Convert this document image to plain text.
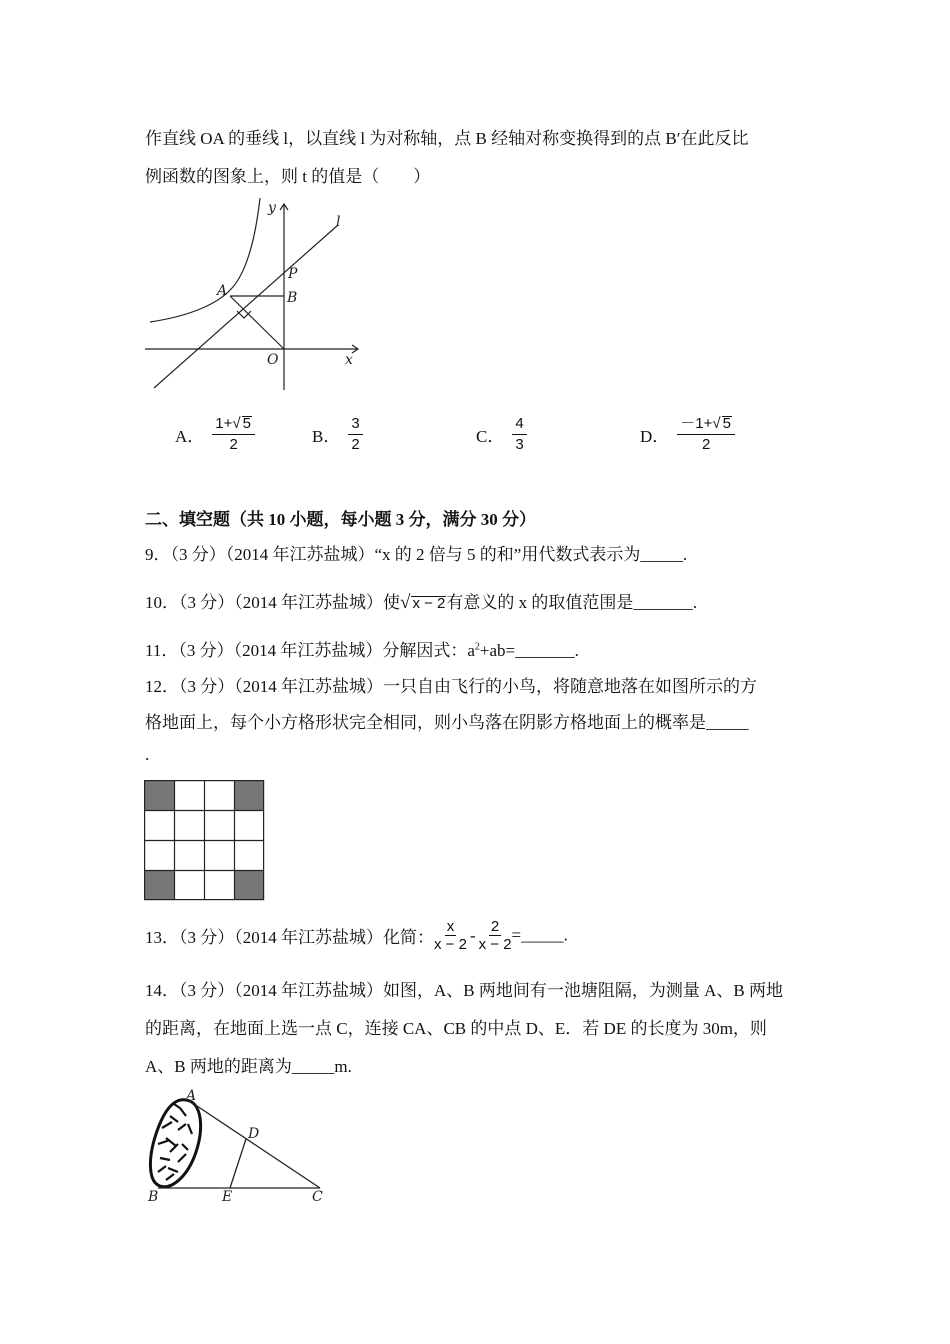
作直线 OA 的垂线 l，以直线 l 为对称轴，点 B 经轴对称变换得到的点 B′在此反比
例函数的图象上，则 t 的值是（　　）
y
l
P
A	B
O	x
A． $\frac{1+√ 5}{2}$	B． $\frac{3}{2}$	C． $\frac{4}{3}$	D． $\frac{-1+√ 5}{2}$
二、填空题（共 10 小题，每小题 3 分，满分 30 分）
9．（3 分）（2014 年江苏盐城）“x 的 2 倍与 5 的和”用代数式表示为_____.
10．（3 分）（2014 年江苏盐城）使√ x − 2有意义的 x 的取值范围是_______.
11．（3 分）（2014 年江苏盐城）分解因式：$a^2+ab=\_\_\_\_\_\_\_$.
12．（3 分）（2014 年江苏盐城）一只自由飞行的小鸟，将随意地落在如图所示的方
格地面上，每个小方格形状完全相同，则小鸟落在阴影方格地面上的概率是_____
.
13．（3 分）（2014 年江苏盐城）化简： $\frac{x}{x - 2} - \frac{2}{x - 2}$ =_____.
14．（3 分）（2014 年江苏盐城）如图，A、B 两地间有一池塘阻隔，为测量 A、B 两地
的距离，在地面上选一点 C，连接 CA、CB 的中点 D、E．若 DE 的长度为 30m，则
A、B 两地的距离为_____m.
A
D
B	E	C
